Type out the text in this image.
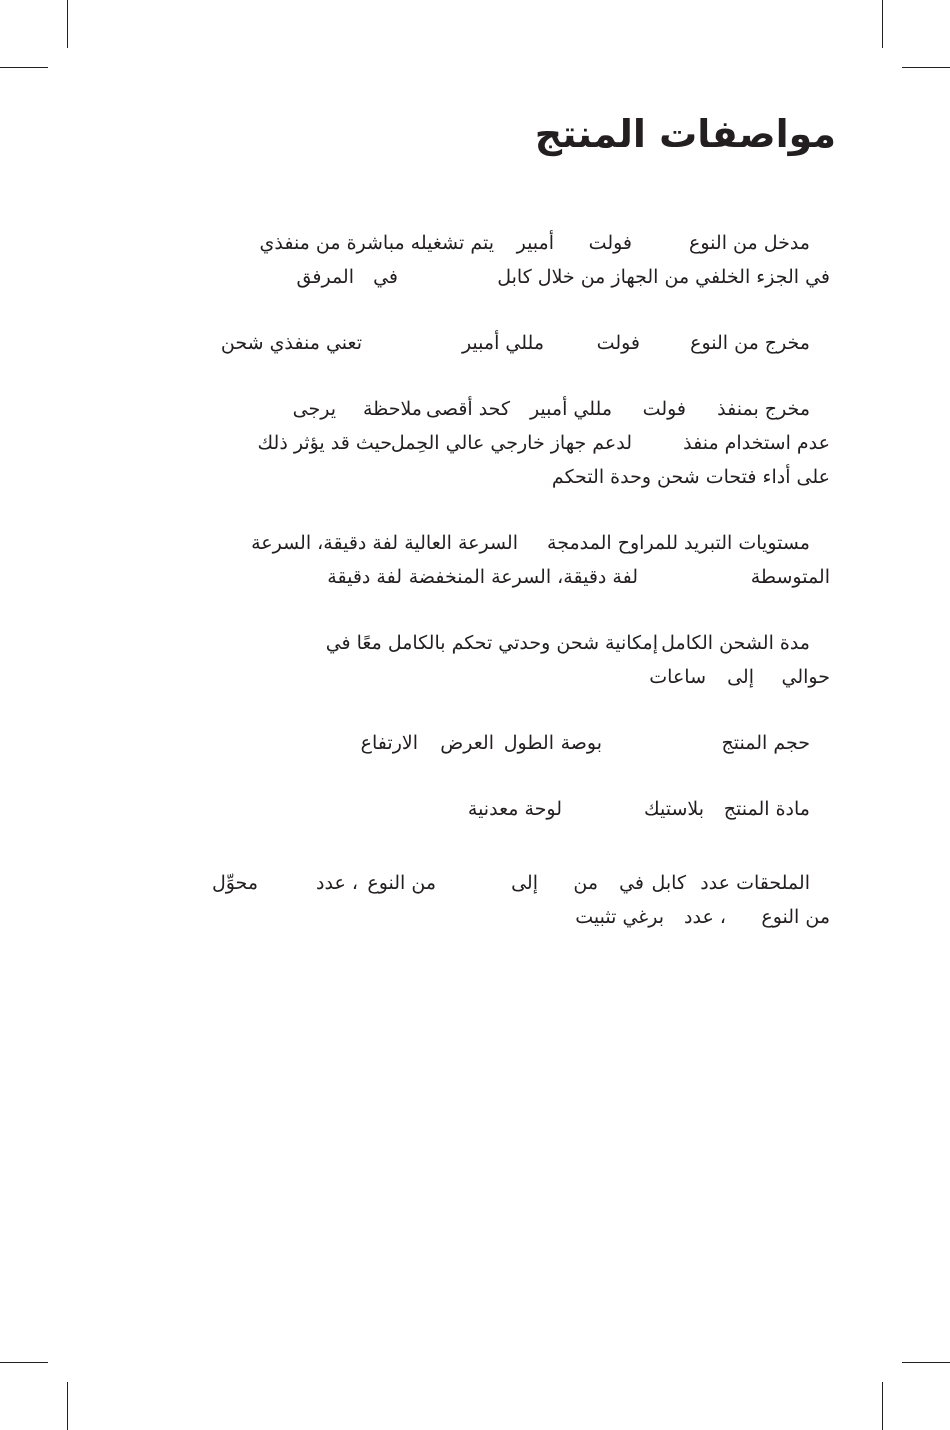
مواصفات المنتج
مدخل من النوع
فولت
أمبير
يتم تشغيله مباشرة من منفذي
في الجزء الخلفي من الجهاز من خلال كابل
في
المرفق
مخرج من النوع
فولت
مللي أمبير
تعني منفذي شحن
مخرج بمنفذ
فولت
مللي أمبير
كحد أقصى
ملاحظة
يرجى
عدم استخدام منفذ
لدعم جهاز خارجي عالي الحِمل
حيث قد يؤثر ذلك
على أداء فتحات شحن وحدة التحكم
مستويات التبريد للمراوح المدمجة
السرعة العالية
لفة دقيقة، السرعة
المتوسطة
لفة دقيقة، السرعة المنخفضة
لفة دقيقة
مدة الشحن الكامل
إمكانية شحن وحدتي تحكم بالكامل معًا في
حوالي
إلى
ساعات
حجم المنتج
بوصة
الطول
العرض
الارتفاع
مادة المنتج
بلاستيك
لوحة معدنية
الملحقات
عدد
كابل
في
من
إلى
من النوع
، عدد
محوِّل
من النوع
، عدد
برغي تثبيت
